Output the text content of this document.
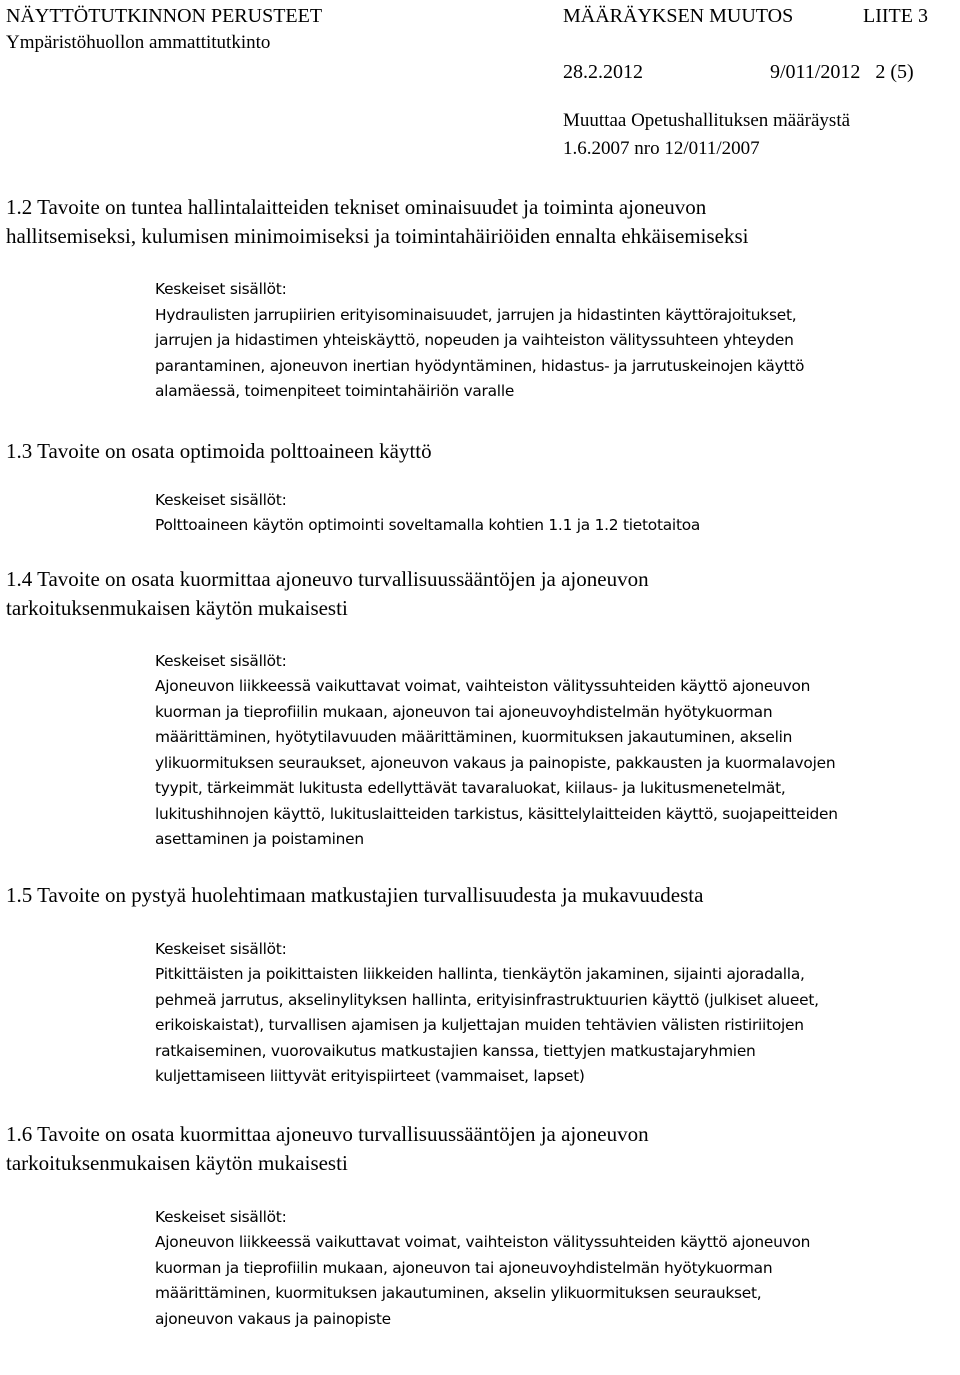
NÄYTTÖTUTKINNON PERUSTEET
Ympäristöhuollon ammattitutkinto
MÄÄRÄYKSEN MUUTOS	LIITE 3
28.2.2012	9/011/2012   2 (5)
Muuttaa Opetushallituksen määräystä
1.6.2007 nro 12/011/2007

1.2 Tavoite on tuntea hallintalaitteiden tekniset ominaisuudet ja toiminta ajoneuvon
hallitsemiseksi, kulumisen minimoimiseksi ja toimintahäiriöiden ennalta ehkäisemiseksi

Keskeiset sisällöt:
Hydraulisten jarrupiirien erityisominaisuudet, jarrujen ja hidastinten käyttörajoitukset,
jarrujen ja hidastimen yhteiskäyttö, nopeuden ja vaihteiston välityssuhteen yhteyden
parantaminen, ajoneuvon inertian hyödyntäminen, hidastus- ja jarrutuskeinojen käyttö
alamäessä, toimenpiteet toimintahäiriön varalle

1.3 Tavoite on osata optimoida polttoaineen käyttö

Keskeiset sisällöt:
Polttoaineen käytön optimointi soveltamalla kohtien 1.1 ja 1.2 tietotaitoa

1.4 Tavoite on osata kuormittaa ajoneuvo turvallisuussääntöjen ja ajoneuvon
tarkoituksenmukaisen käytön mukaisesti

Keskeiset sisällöt:
Ajoneuvon liikkeessä vaikuttavat voimat, vaihteiston välityssuhteiden käyttö ajoneuvon
kuorman ja tieprofiilin mukaan, ajoneuvon tai ajoneuvoyhdistelmän hyötykuorman
määrittäminen, hyötytilavuuden määrittäminen, kuormituksen jakautuminen, akselin
ylikuormituksen seuraukset, ajoneuvon vakaus ja painopiste, pakkausten ja kuormalavojen
tyypit, tärkeimmät lukitusta edellyttävät tavaraluokat, kiilaus- ja lukitusmenetelmät,
lukitushihnojen käyttö, lukituslaitteiden tarkistus, käsittelylaitteiden käyttö, suojapeitteiden
asettaminen ja poistaminen

1.5 Tavoite on pystyä huolehtimaan matkustajien turvallisuudesta ja mukavuudesta

Keskeiset sisällöt:
Pitkittäisten ja poikittaisten liikkeiden hallinta, tienkäytön jakaminen, sijainti ajoradalla,
pehmeä jarrutus, akselinylityksen hallinta, erityisinfrastruktuurien käyttö (julkiset alueet,
erikoiskaistat), turvallisen ajamisen ja kuljettajan muiden tehtävien välisten ristiriitojen
ratkaiseminen, vuorovaikutus matkustajien kanssa, tiettyjen matkustajaryhmien
kuljettamiseen liittyvät erityispiirteet (vammaiset, lapset)

1.6 Tavoite on osata kuormittaa ajoneuvo turvallisuussääntöjen ja ajoneuvon
tarkoituksenmukaisen käytön mukaisesti

Keskeiset sisällöt:
Ajoneuvon liikkeessä vaikuttavat voimat, vaihteiston välityssuhteiden käyttö ajoneuvon
kuorman ja tieprofiilin mukaan, ajoneuvon tai ajoneuvoyhdistelmän hyötykuorman
määrittäminen, kuormituksen jakautuminen, akselin ylikuormituksen seuraukset,
ajoneuvon vakaus ja painopiste
